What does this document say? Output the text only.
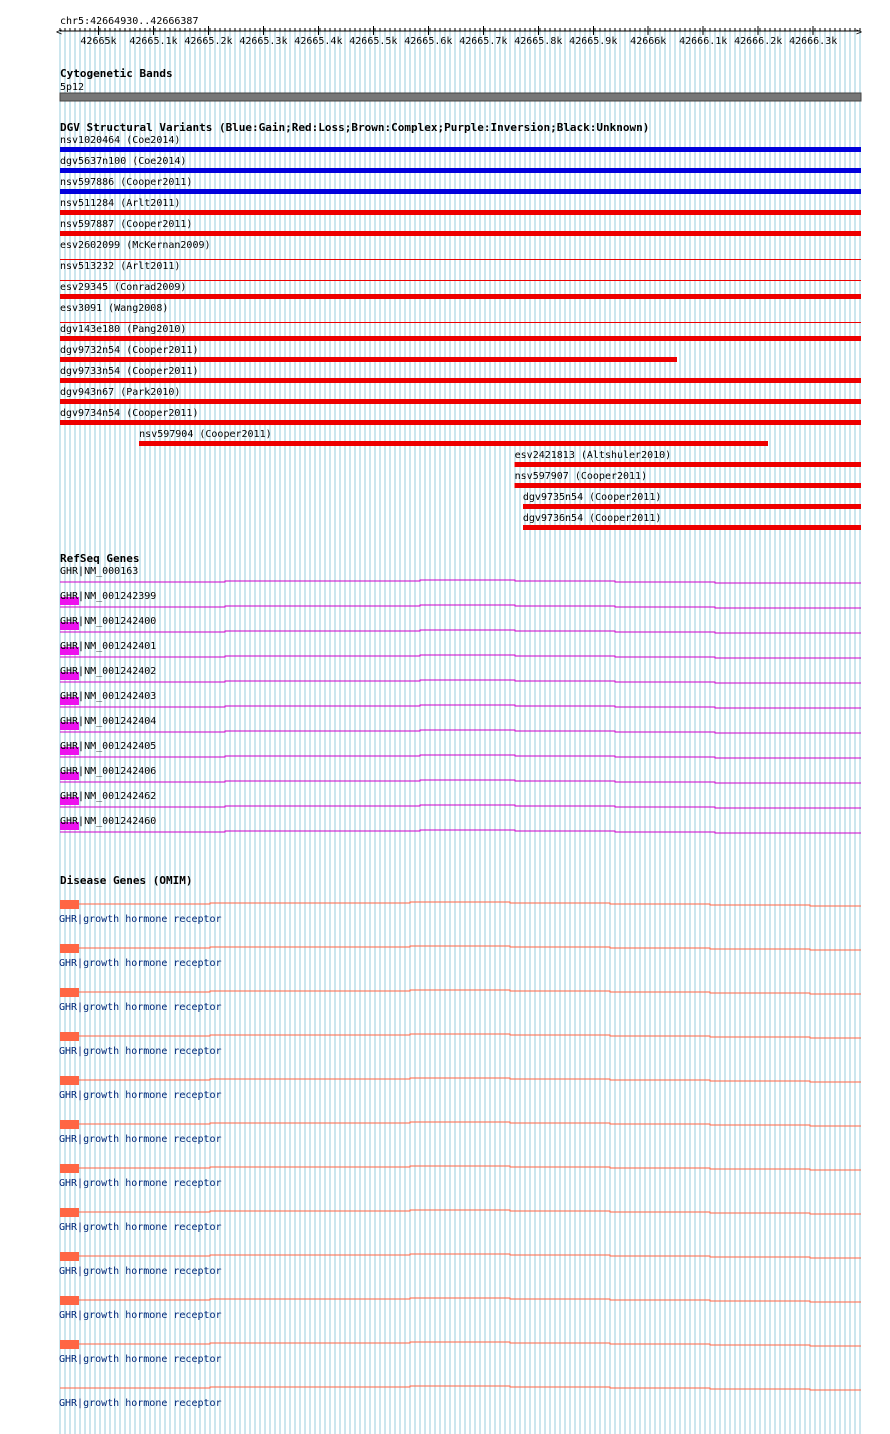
chr5:42664930..42666387
<	>
42665k 42665.1k 42665.2k 42665.3k 42665.4k 42665.5k 42665.6k 42665.7k 42665.8k 42665.9k 42666k 42666.1k 42666.2k 42666.3k
Cytogenetic Bands
5p12
DGV Structural Variants (Blue:Gain;Red:Loss;Brown:Complex;Purple:Inversion;Black:Unknown)
nsv1020464 (Coe2014)
dgv5637n100 (Coe2014)
nsv597886 (Cooper2011)
nsv511284 (Arlt2011)
nsv597887 (Cooper2011)
esv2602099 (McKernan2009)
nsv513232 (Arlt2011)
esv29345 (Conrad2009)
esv3091 (Wang2008)
dgv143e180 (Pang2010)
dgv9732n54 (Cooper2011)
dgv9733n54 (Cooper2011)
dgv943n67 (Park2010)
dgv9734n54 (Cooper2011)
nsv597904 (Cooper2011)
esv2421813 (Altshuler2010)
nsv597907 (Cooper2011)
dgv9735n54 (Cooper2011)
dgv9736n54 (Cooper2011)
RefSeq Genes
GHR|NM_000163
GHR|NM_001242399
GHR|NM_001242400
GHR|NM_001242401
GHR|NM_001242402
GHR|NM_001242403
GHR|NM_001242404
GHR|NM_001242405
GHR|NM_001242406
GHR|NM_001242462
GHR|NM_001242460
Disease Genes (OMIM)
GHR|growth hormone receptor
GHR|growth hormone receptor
GHR|growth hormone receptor
GHR|growth hormone receptor
GHR|growth hormone receptor
GHR|growth hormone receptor
GHR|growth hormone receptor
GHR|growth hormone receptor
GHR|growth hormone receptor
GHR|growth hormone receptor
GHR|growth hormone receptor
GHR|growth hormone receptor
